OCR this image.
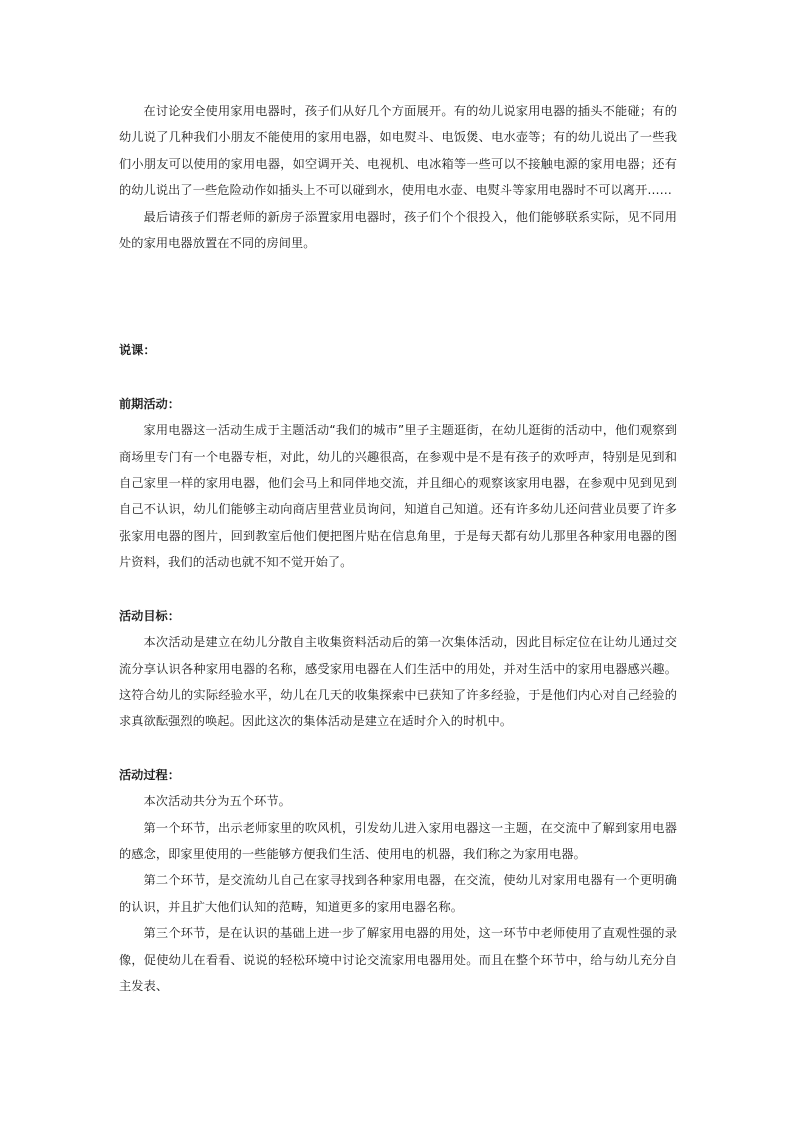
在讨论安全使用家用电器时，孩子们从好几个方面展开。有的幼儿说家用电器的插头不能碰；有的幼儿说了几种我们小朋友不能使用的家用电器，如电熨斗、电饭煲、电水壶等；有的幼儿说出了一些我们小朋友可以使用的家用电器，如空调开关、电视机、电冰箱等一些可以不接触电源的家用电器；还有的幼儿说出了一些危险动作如插头上不可以碰到水，使用电水壶、电熨斗等家用电器时不可以离开……

最后请孩子们帮老师的新房子添置家用电器时，孩子们个个很投入，他们能够联系实际，见不同用处的家用电器放置在不同的房间里。

说课：

前期活动：

家用电器这一活动生成于主题活动“我们的城市”里子主题逛街，在幼儿逛街的活动中，他们观察到商场里专门有一个电器专柜，对此，幼儿的兴趣很高，在参观中是不是有孩子的欢呼声，特别是见到和自己家里一样的家用电器，他们会马上和同伴地交流，并且细心的观察该家用电器，在参观中见到见到自己不认识，幼儿们能够主动向商店里营业员询问，知道自己知道。还有许多幼儿还问营业员要了许多张家用电器的图片，回到教室后他们便把图片贴在信息角里，于是每天都有幼儿那里各种家用电器的图片资料，我们的活动也就不知不觉开始了。

活动目标：

本次活动是建立在幼儿分散自主收集资料活动后的第一次集体活动，因此目标定位在让幼儿通过交流分享认识各种家用电器的名称，感受家用电器在人们生活中的用处，并对生活中的家用电器感兴趣。这符合幼儿的实际经验水平，幼儿在几天的收集探索中已获知了许多经验，于是他们内心对自己经验的求真欲酝强烈的唤起。因此这次的集体活动是建立在适时介入的时机中。

活动过程：

本次活动共分为五个环节。

第一个环节，出示老师家里的吹风机，引发幼儿进入家用电器这一主题，在交流中了解到家用电器的感念，即家里使用的一些能够方便我们生活、使用电的机器，我们称之为家用电器。

第二个环节，是交流幼儿自己在家寻找到各种家用电器，在交流，使幼儿对家用电器有一个更明确的认识，并且扩大他们认知的范畴，知道更多的家用电器名称。

第三个环节，是在认识的基础上进一步了解家用电器的用处，这一环节中老师使用了直观性强的录像，促使幼儿在看看、说说的轻松环境中讨论交流家用电器用处。而且在整个环节中，给与幼儿充分自主发表、
